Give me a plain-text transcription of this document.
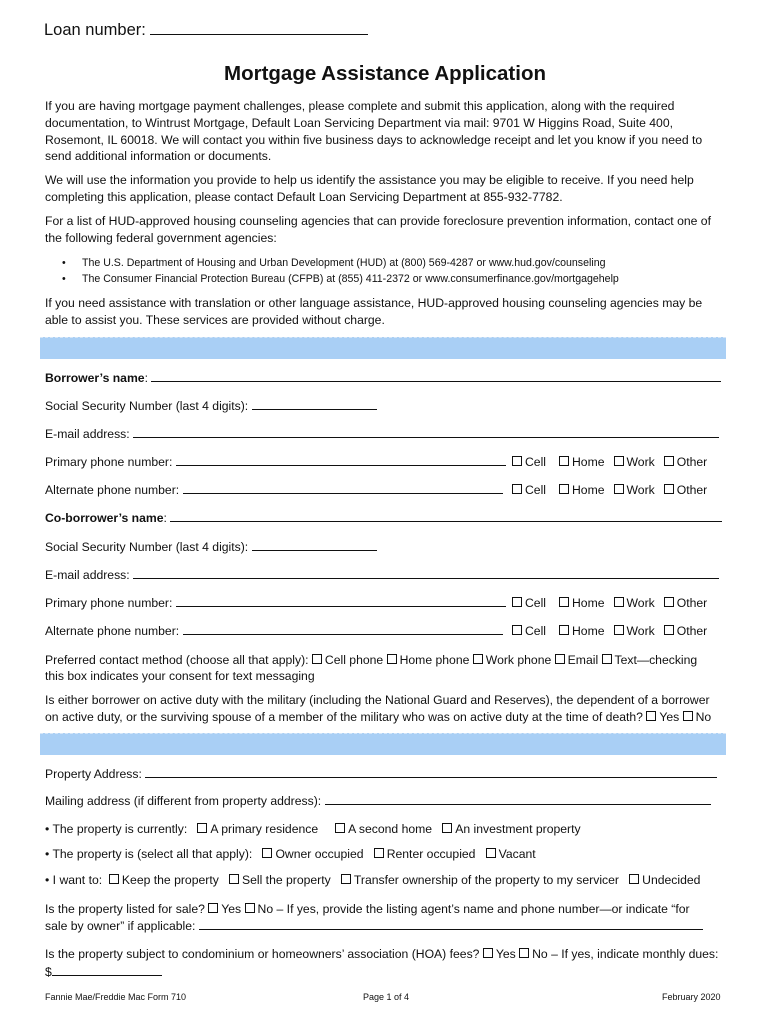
Loan number:
Mortgage Assistance Application
If you are having mortgage payment challenges, please complete and submit this application, along with the required documentation, to Wintrust Mortgage, Default Loan Servicing Department via mail: 9701 W Higgins Road, Suite 400, Rosemont, IL 60018. We will contact you within five business days to acknowledge receipt and let you know if you need to send additional information or documents.
We will use the information you provide to help us identify the assistance you may be eligible to receive. If you need help completing this application, please contact Default Loan Servicing Department at 855-932-7782.
For a list of HUD-approved housing counseling agencies that can provide foreclosure prevention information, contact one of the following federal government agencies:
• The U.S. Department of Housing and Urban Development (HUD) at (800) 569-4287 or www.hud.gov/counseling
• The Consumer Financial Protection Bureau (CFPB) at (855) 411-2372 or www.consumerfinance.gov/mortgagehelp
If you need assistance with translation or other language assistance, HUD-approved housing counseling agencies may be able to assist you. These services are provided without charge.
Borrower’s name:
Social Security Number (last 4 digits):
E-mail address:
Primary phone number:	Cell Home Work Other
Alternate phone number:	Cell Home Work Other
Co-borrower’s name:
Social Security Number (last 4 digits):
E-mail address:
Primary phone number:	Cell Home Work Other
Alternate phone number:	Cell Home Work Other
Preferred contact method (choose all that apply): Cell phone Home phone Work phone Email Text—checking
this box indicates your consent for text messaging
Is either borrower on active duty with the military (including the National Guard and Reserves), the dependent of a borrower
on active duty, or the surviving spouse of a member of the military who was on active duty at the time of death? Yes No
Property Address:
Mailing address (if different from property address):
• The property is currently: A primary residence A second home An investment property
• The property is (select all that apply): Owner occupied Renter occupied Vacant
• I want to: Keep the property Sell the property Transfer ownership of the property to my servicer Undecided
Is the property listed for sale? Yes No – If yes, provide the listing agent’s name and phone number—or indicate “for
sale by owner” if applicable:
Is the property subject to condominium or homeowners’ association (HOA) fees? Yes No – If yes, indicate monthly dues:
$
Fannie Mae/Freddie Mac Form 710	Page 1 of 4	February 2020
